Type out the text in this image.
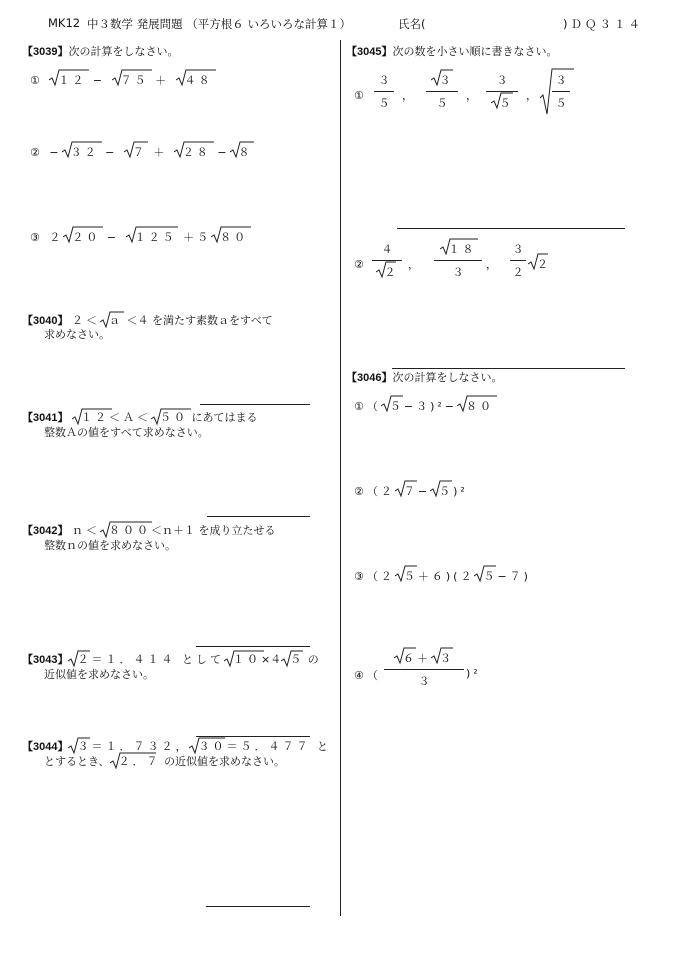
MK12 中３数学 発展問題 （平方根６ いろいろな計算１）	氏名(	)ＤＱ３１４
【3039】次の計算をしなさい。
① １２ − ７５ ＋ ４８
② − ３２ − ７ ＋ ２８ − ８
③ ２ ２０ − １２５ ＋５ ８０
【3040】 ２＜ ａ ＜４ を満たす素数ａをすべて
求めなさい。
【3041】 １２＜Ａ＜ ５０ にあてはまる
整数Ａの値をすべて求めなさい。
【3042】 ｎ＜ ８００＜ｎ＋１ を成り立たせる
整数ｎの値を求めなさい。
【3043】 ２＝１．４１４ として １０×４ ５ の
近似値を求めなさい。
【3044】 ３＝１．７３２， ３０＝５．４７７ と
とするとき、 ２．７ の近似値を求めなさい。
【3045】次の数を小さい順に書きなさい。
①
３
５
，
３
５
，
３
５
，
３
５
②
４
２
，
１８
３
，
３
２
２
【3046】次の計算をしなさい。
①（ ５−３)²− ８０
②（２ ７− ５)²
③（２ ５＋６)(２ ５−７)
④（
６＋ ３
３
)²
